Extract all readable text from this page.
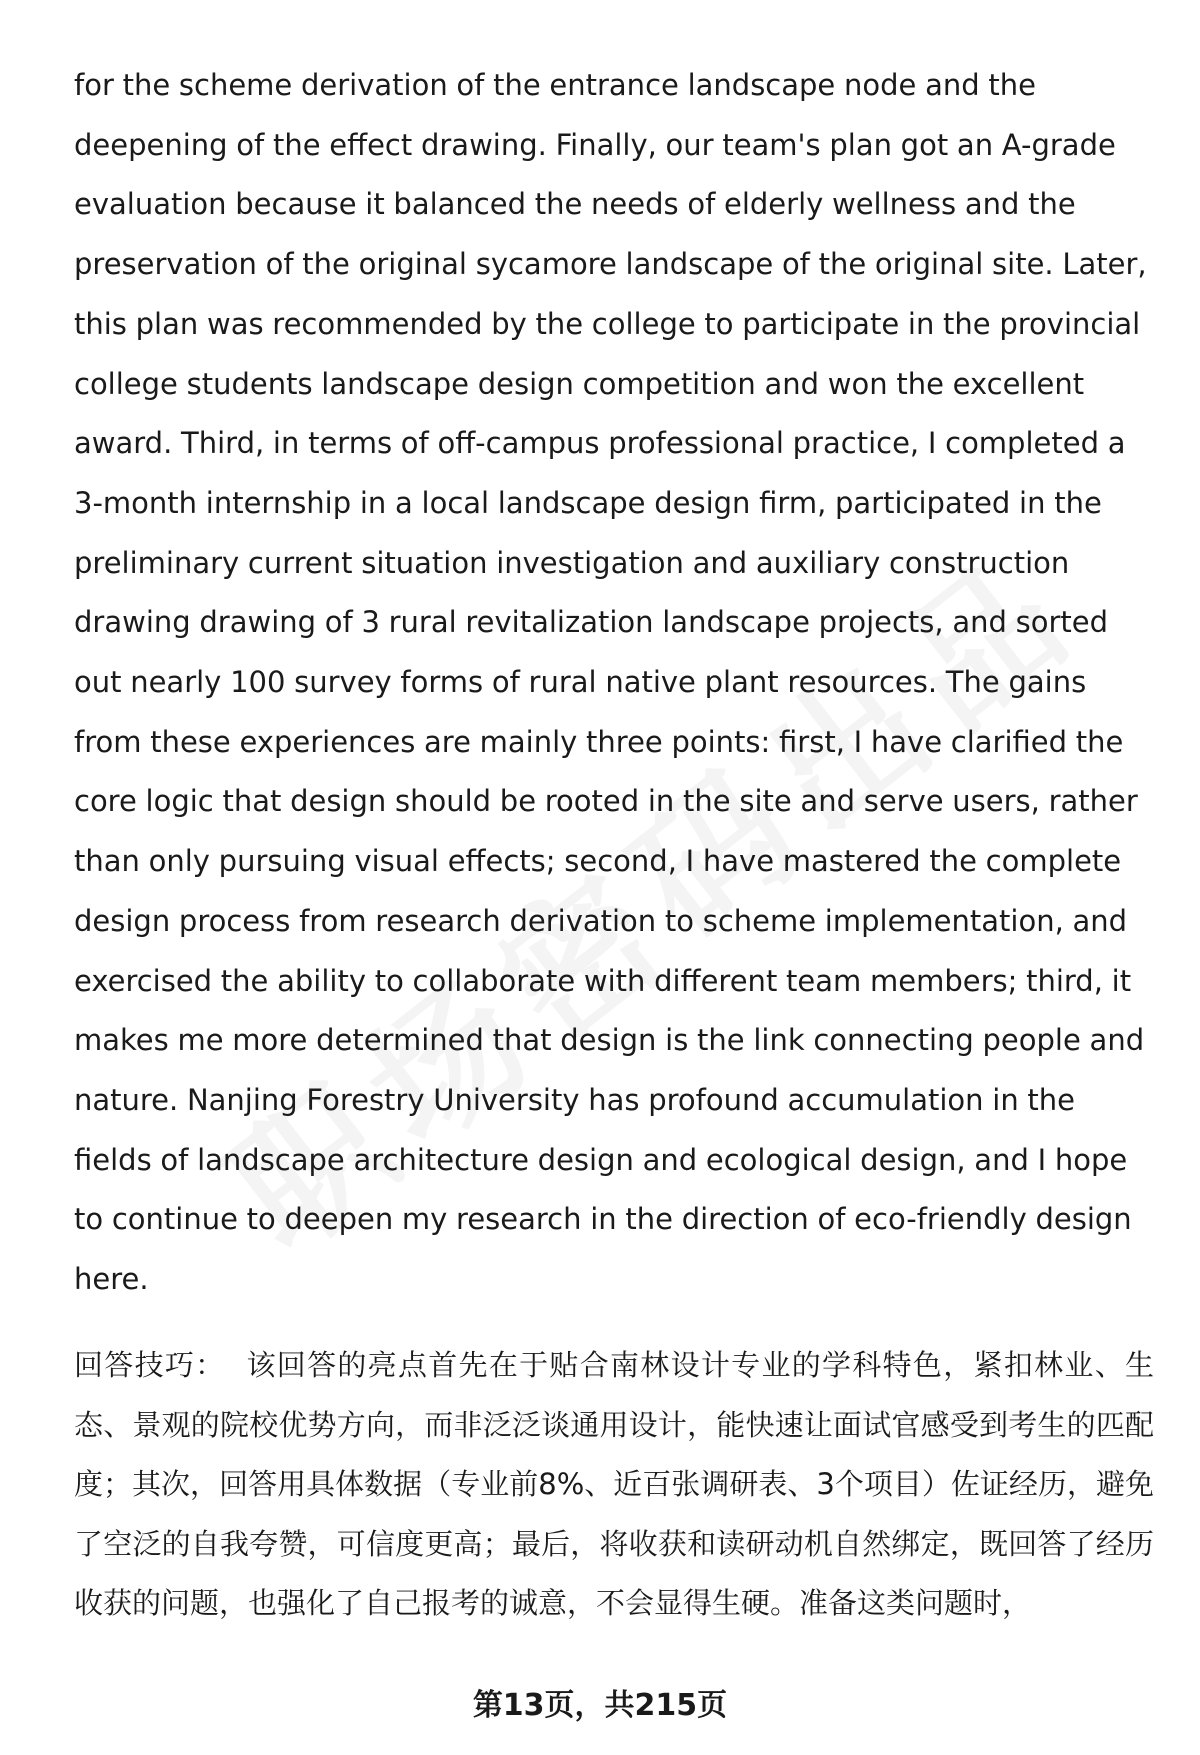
for the scheme derivation of the entrance landscape node and the deepening of the effect drawing. Finally, our team's plan got an A-grade evaluation because it balanced the needs of elderly wellness and the preservation of the original sycamore landscape of the original site. Later, this plan was recommended by the college to participate in the provincial college students landscape design competition and won the excellent award. Third, in terms of off-campus professional practice, I completed a 3-month internship in a local landscape design firm, participated in the preliminary current situation investigation and auxiliary construction drawing drawing of 3 rural revitalization landscape projects, and sorted out nearly 100 survey forms of rural native plant resources. The gains from these experiences are mainly three points: first, I have clarified the core logic that design should be rooted in the site and serve users, rather than only pursuing visual effects; second, I have mastered the complete design process from research derivation to scheme implementation, and exercised the ability to collaborate with different team members; third, it makes me more determined that design is the link connecting people and nature. Nanjing Forestry University has profound accumulation in the fields of landscape architecture design and ecological design, and I hope to continue to deepen my research in the direction of eco-friendly design here.

回答技巧： 该回答的亮点首先在于贴合南林设计专业的学科特色，紧扣林业、生态、景观的院校优势方向，而非泛泛谈通用设计，能快速让面试官感受到考生的匹配度；其次，回答用具体数据（专业前8%、近百张调研表、3个项目）佐证经历，避免了空泛的自我夸赞，可信度更高；最后，将收获和读研动机自然绑定，既回答了经历收获的问题，也强化了自己报考的诚意，不会显得生硬。准备这类问题时，

第13页，共215页
